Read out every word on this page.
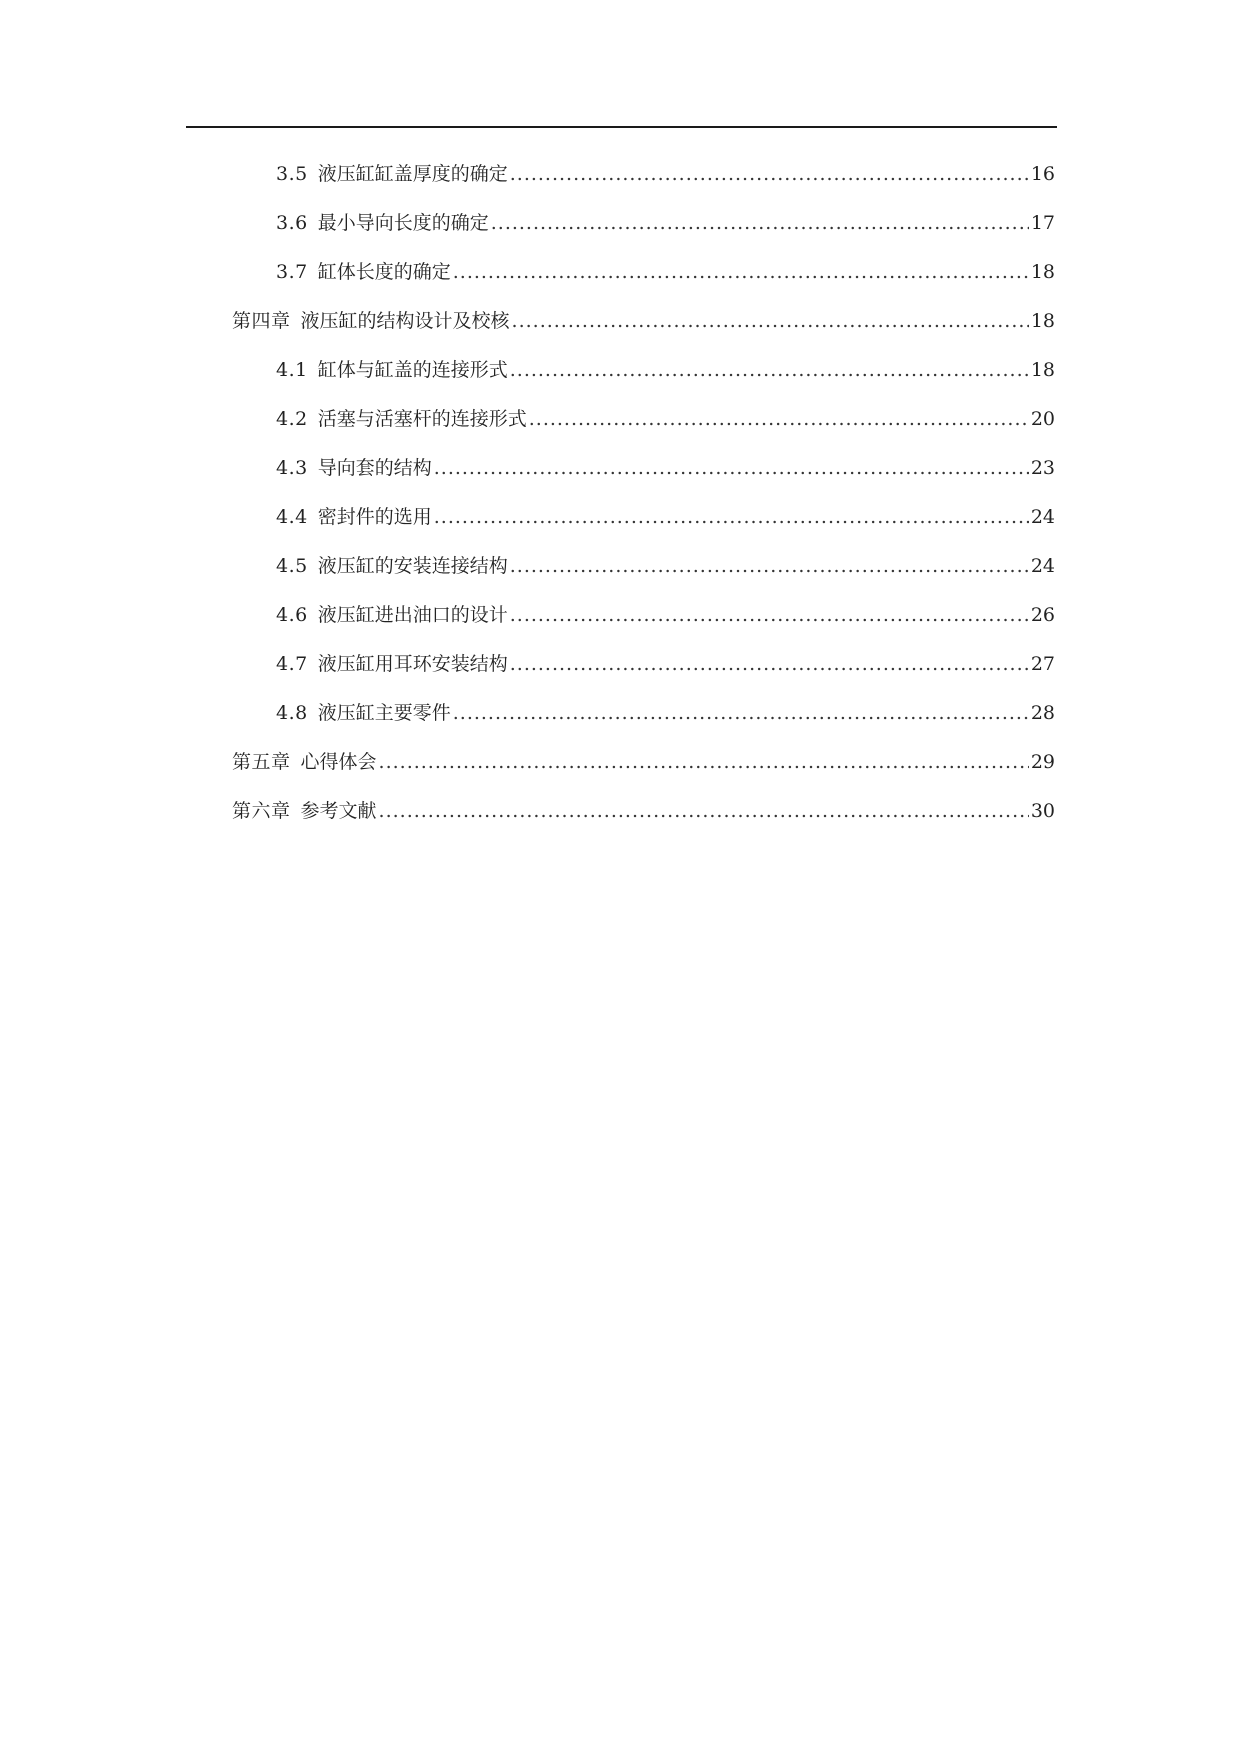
3.5 液压缸缸盖厚度的确定 .....	16
3.6 最小导向长度的确定 .....	17
3.7 缸体长度的确定 .....	18
第四章 液压缸的结构设计及校核 .....	18
4.1 缸体与缸盖的连接形式 .....	18
4.2 活塞与活塞杆的连接形式 .....	20
4.3 导向套的结构 .....	23
4.4 密封件的选用 .....	24
4.5 液压缸的安装连接结构 .....	24
4.6 液压缸进出油口的设计 .....	26
4.7 液压缸用耳环安装结构 .....	27
4.8 液压缸主要零件 .....	28
第五章 心得体会 .....	29
第六章 参考文献 .....	30
